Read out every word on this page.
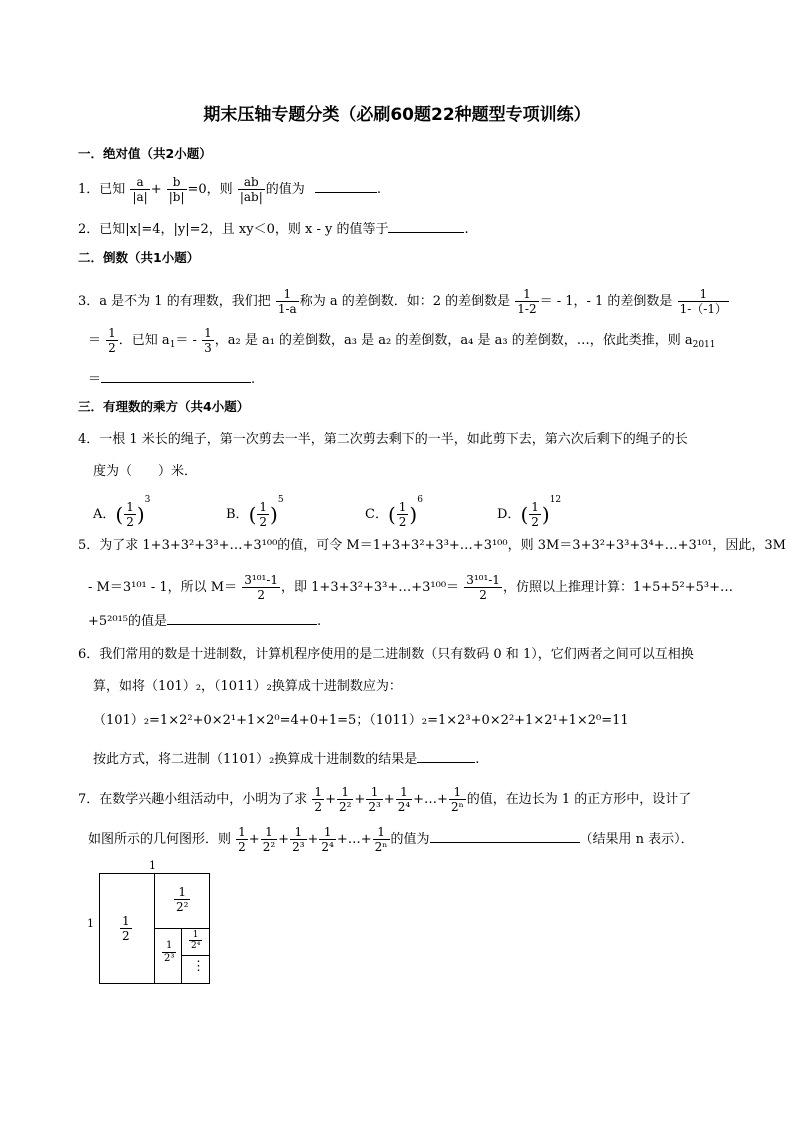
期末压轴专题分类（必刷60题22种题型专项训练）
一．绝对值（共2小题）
1．已知 $\frac{a}{|a|} + \frac{b}{|b|} =0$，则 $\frac{ab}{|ab|}$ 的值为	.
2．已知|x|=4，|y|=2，且 xy＜0，则 x - y 的值等于	.
二．倒数（共1小题）
3．a 是不为 1 的有理数，我们把 $\frac{1}{1-a}$ 称为 a 的差倒数．如：2 的差倒数是 $\frac{1}{1-2}$ ＝ - 1，- 1 的差倒数是 $\frac{1}{1-(-1)}$
＝ $\frac{1}{2}$ ．已知 $a_1= - \frac{1}{3}$ ，a₂ 是 a₁ 的差倒数，a₃ 是 a₂ 的差倒数，a₄ 是 a₃ 的差倒数，…，依此类推，则 $a_{2011}$
＝	.
三．有理数的乘方（共4小题）
4．一根 1 米长的绳子，第一次剪去一半，第二次剪去剩下的一半，如此剪下去，第六次后剩下的绳子的长
度为（　　）米．
A．( $\frac{1}{2} )^3$
B．( $\frac{1}{2} )^5$
C．( $\frac{1}{2} )^6$
D．( $\frac{1}{2} )^{12}$
5．为了求 1+3+3²+3³+…+3¹⁰⁰的值，可令 M＝1+3+3²+3³+…+3¹⁰⁰，则 3M＝3+3²+3³+3⁴+…+3¹⁰¹，因此，3M
- M＝3¹⁰¹ - 1，所以 $M= \frac{\text{3¹⁰¹-1}}{2}$ ，即 1+3+3²+3³+…+3¹⁰⁰＝ $\frac{\text{3¹⁰¹-1}}{2}$ ，仿照以上推理计算：1+5+5²+5³+…
+5²⁰¹⁵的值是	.
6．我们常用的数是十进制数，计算机程序使用的是二进制数（只有数码 0 和 1），它们两者之间可以互相换
算，如将（101）₂，（1011）₂换算成十进制数应为：
（101）₂=1×2²+0×2¹+1×2⁰=4+0+1=5；（1011）₂=1×2³+0×2²+1×2¹+1×2⁰=11
按此方式，将二进制（1101）₂换算成十进制数的结果是	.
7．在数学兴趣小组活动中，小明为了求 $\frac{1}{2} + \frac{1}{\text{2²}} + \frac{1}{\text{2³}} + \frac{1}{\text{2⁴}}$ +…+ $\frac{1}{\text{2ⁿ}}$ 的值，在边长为 1 的正方形中，设计了
如图所示的几何图形．则 $\frac{1}{2} + \frac{1}{\text{2²}} + \frac{1}{\text{2³}} + \frac{1}{\text{2⁴}}$ +…+ $\frac{1}{\text{2ⁿ}}$ 的值为	（结果用 n 表示）．
1
$1 \frac{1}{2}$
$\frac{1}{\text{2²}}$
$\frac{1}{\text{2³}} \frac{1}{\text{2⁴}}$
⋮
